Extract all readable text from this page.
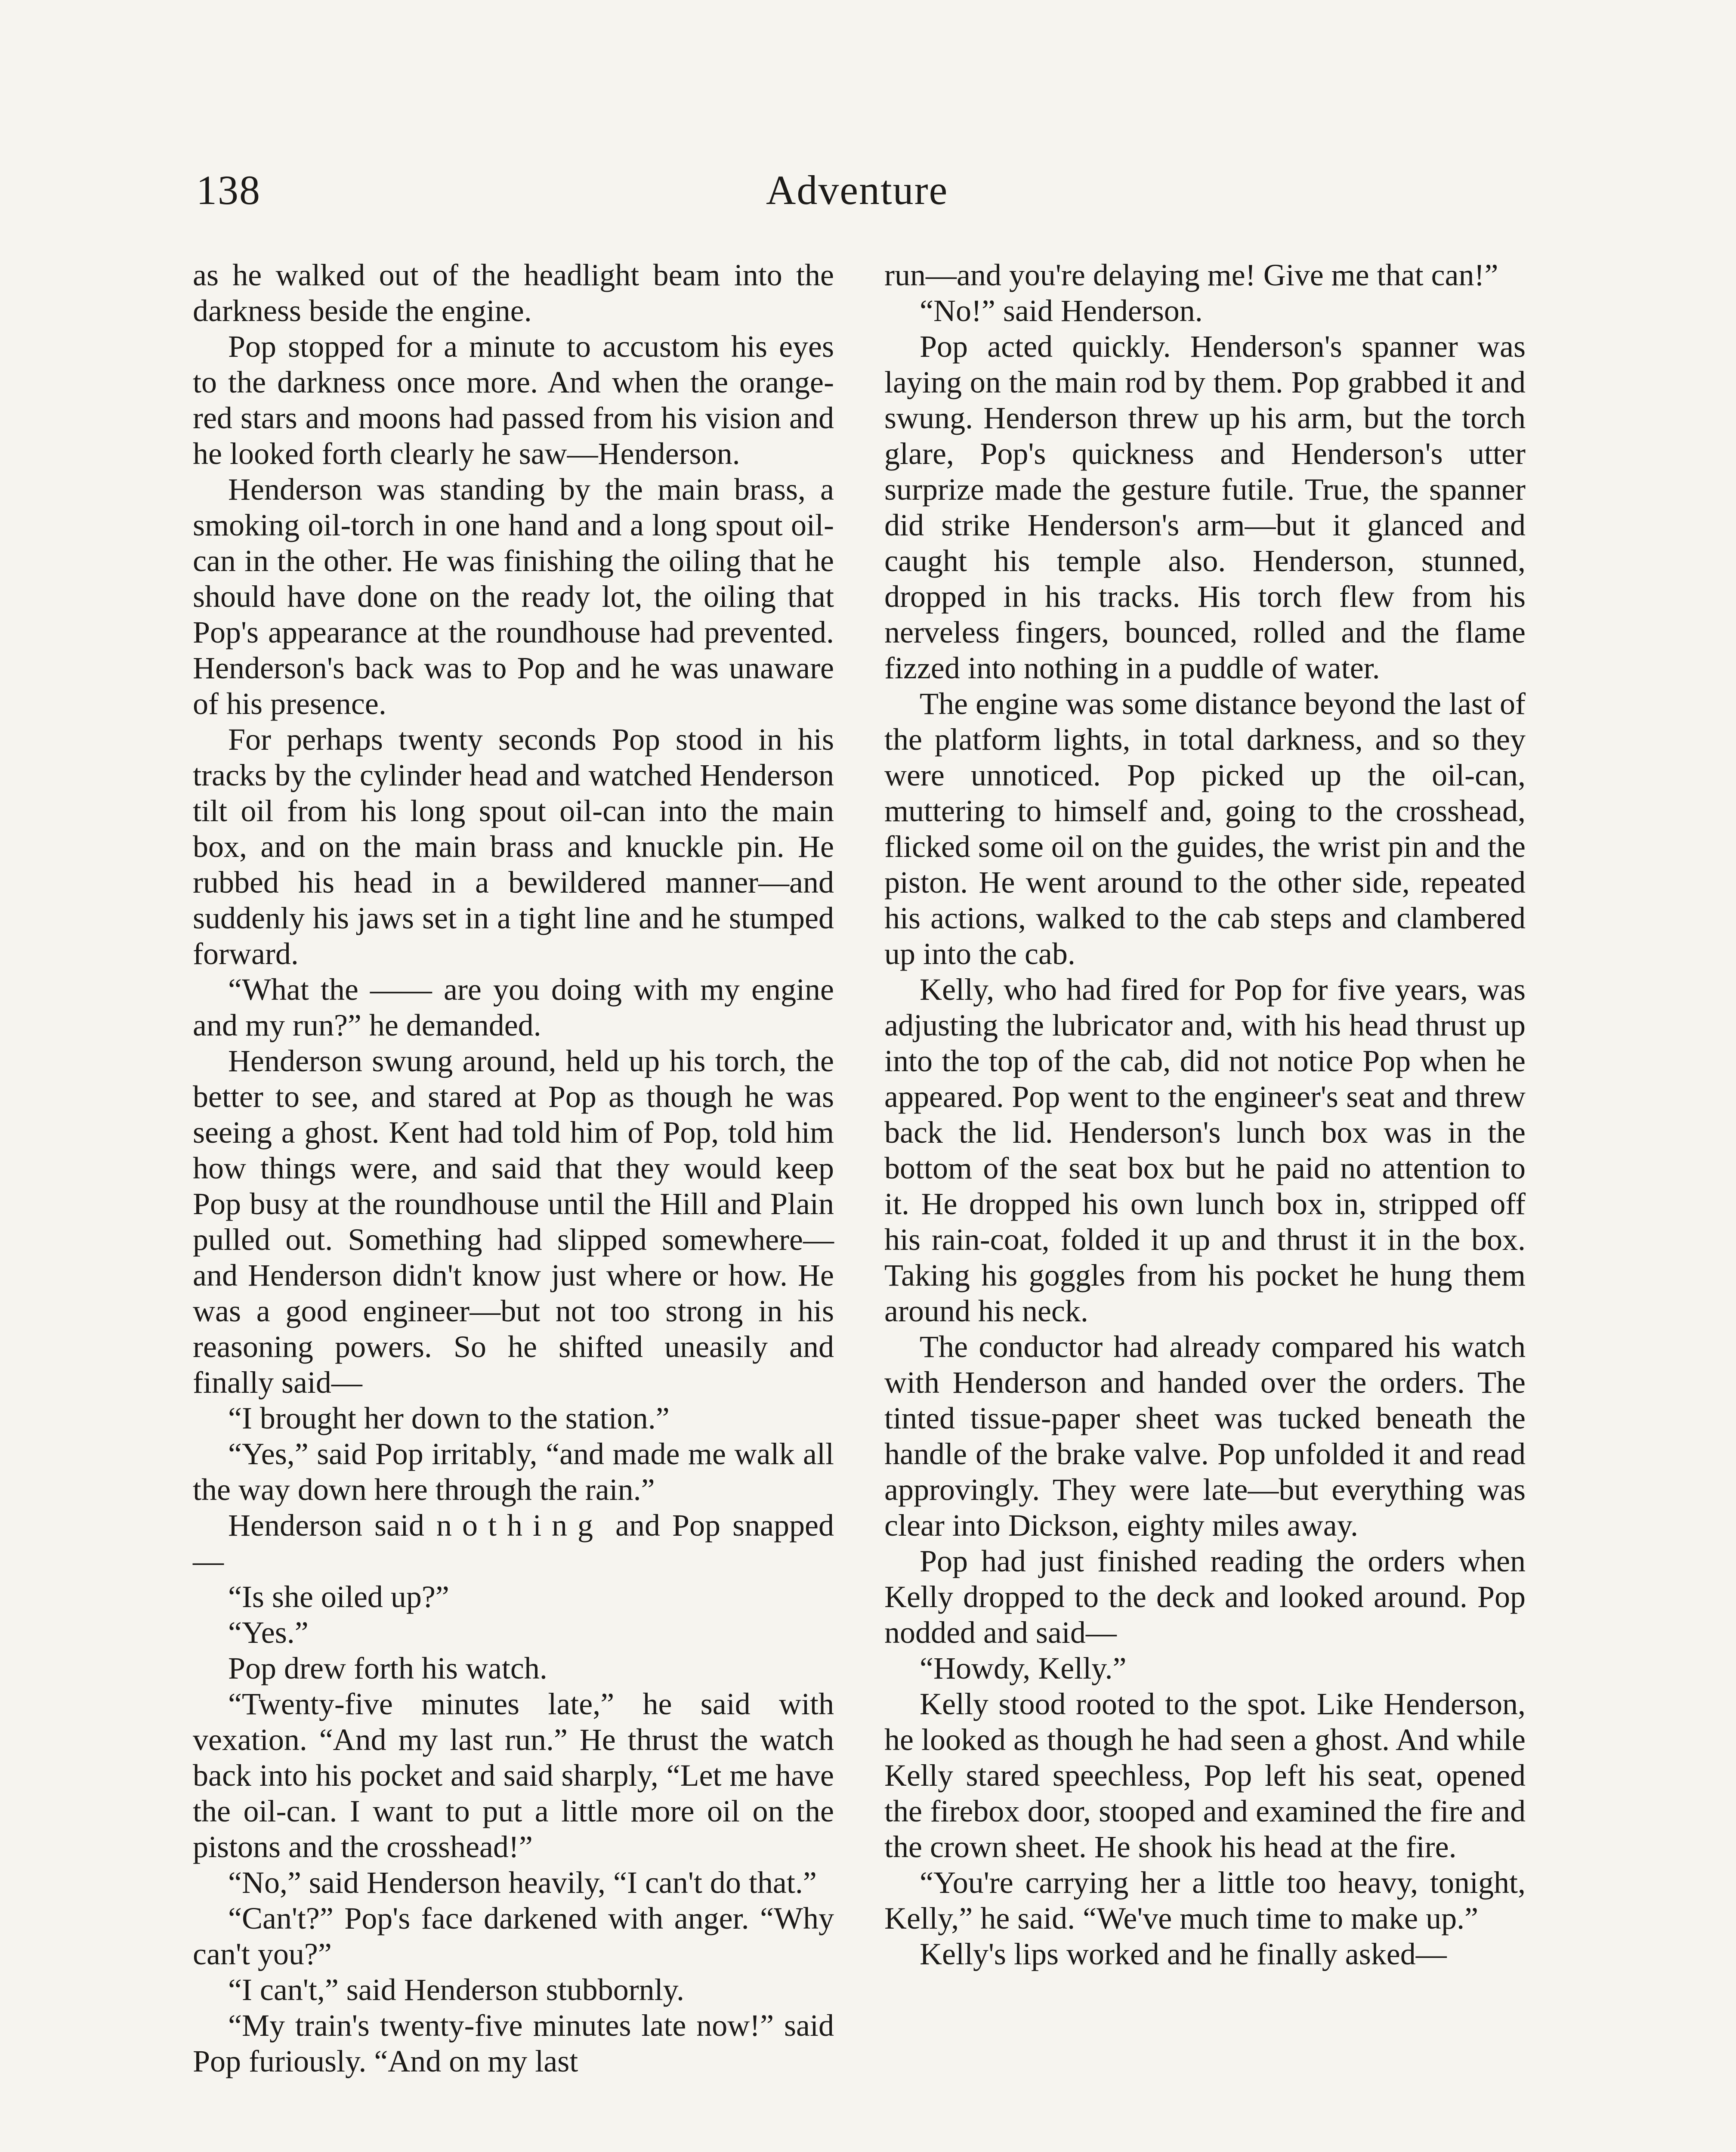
138	Adventure

as he walked out of the headlight beam into the darkness beside the engine.

Pop stopped for a minute to accustom his eyes to the darkness once more. And when the orange-red stars and moons had passed from his vision and he looked forth clearly he saw—Henderson.

Henderson was standing by the main brass, a smoking oil-torch in one hand and a long spout oil-can in the other. He was finishing the oiling that he should have done on the ready lot, the oiling that Pop's appearance at the roundhouse had prevented. Henderson's back was to Pop and he was unaware of his presence.

For perhaps twenty seconds Pop stood in his tracks by the cylinder head and watched Henderson tilt oil from his long spout oil-can into the main box, and on the main brass and knuckle pin. He rubbed his head in a bewildered manner—and suddenly his jaws set in a tight line and he stumped forward.

“What the —— are you doing with my engine and my run?” he demanded.

Henderson swung around, held up his torch, the better to see, and stared at Pop as though he was seeing a ghost. Kent had told him of Pop, told him how things were, and said that they would keep Pop busy at the roundhouse until the Hill and Plain pulled out. Something had slipped somewhere—and Henderson didn't know just where or how. He was a good engineer—but not too strong in his reasoning powers. So he shifted uneasily and finally said—

“I brought her down to the station.”

“Yes,” said Pop irritably, “and made me walk all the way down here through the rain.”

Henderson said nothing and Pop snapped—

“Is she oiled up?”

“Yes.”

Pop drew forth his watch.

“Twenty-five minutes late,” he said with vexation. “And my last run.” He thrust the watch back into his pocket and said sharply, “Let me have the oil-can. I want to put a little more oil on the pistons and the crosshead!”

“No,” said Henderson heavily, “I can't do that.”

“Can't?” Pop's face darkened with anger. “Why can't you?”

“I can't,” said Henderson stubbornly.

“My train's twenty-five minutes late now!” said Pop furiously. “And on my last

run—and you're delaying me! Give me that can!”

“No!” said Henderson.

Pop acted quickly. Henderson's spanner was laying on the main rod by them. Pop grabbed it and swung. Henderson threw up his arm, but the torch glare, Pop's quickness and Henderson's utter surprize made the gesture futile. True, the spanner did strike Henderson's arm—but it glanced and caught his temple also. Henderson, stunned, dropped in his tracks. His torch flew from his nerveless fingers, bounced, rolled and the flame fizzed into nothing in a puddle of water.

The engine was some distance beyond the last of the platform lights, in total darkness, and so they were unnoticed. Pop picked up the oil-can, muttering to himself and, going to the crosshead, flicked some oil on the guides, the wrist pin and the piston. He went around to the other side, repeated his actions, walked to the cab steps and clambered up into the cab.

Kelly, who had fired for Pop for five years, was adjusting the lubricator and, with his head thrust up into the top of the cab, did not notice Pop when he appeared. Pop went to the engineer's seat and threw back the lid. Henderson's lunch box was in the bottom of the seat box but he paid no attention to it. He dropped his own lunch box in, stripped off his rain-coat, folded it up and thrust it in the box. Taking his goggles from his pocket he hung them around his neck.

The conductor had already compared his watch with Henderson and handed over the orders. The tinted tissue-paper sheet was tucked beneath the handle of the brake valve. Pop unfolded it and read approvingly. They were late—but everything was clear into Dickson, eighty miles away.

Pop had just finished reading the orders when Kelly dropped to the deck and looked around. Pop nodded and said—

“Howdy, Kelly.”

Kelly stood rooted to the spot. Like Henderson, he looked as though he had seen a ghost. And while Kelly stared speechless, Pop left his seat, opened the firebox door, stooped and examined the fire and the crown sheet. He shook his head at the fire.

“You're carrying her a little too heavy, tonight, Kelly,” he said. “We've much time to make up.”

Kelly's lips worked and he finally asked—
